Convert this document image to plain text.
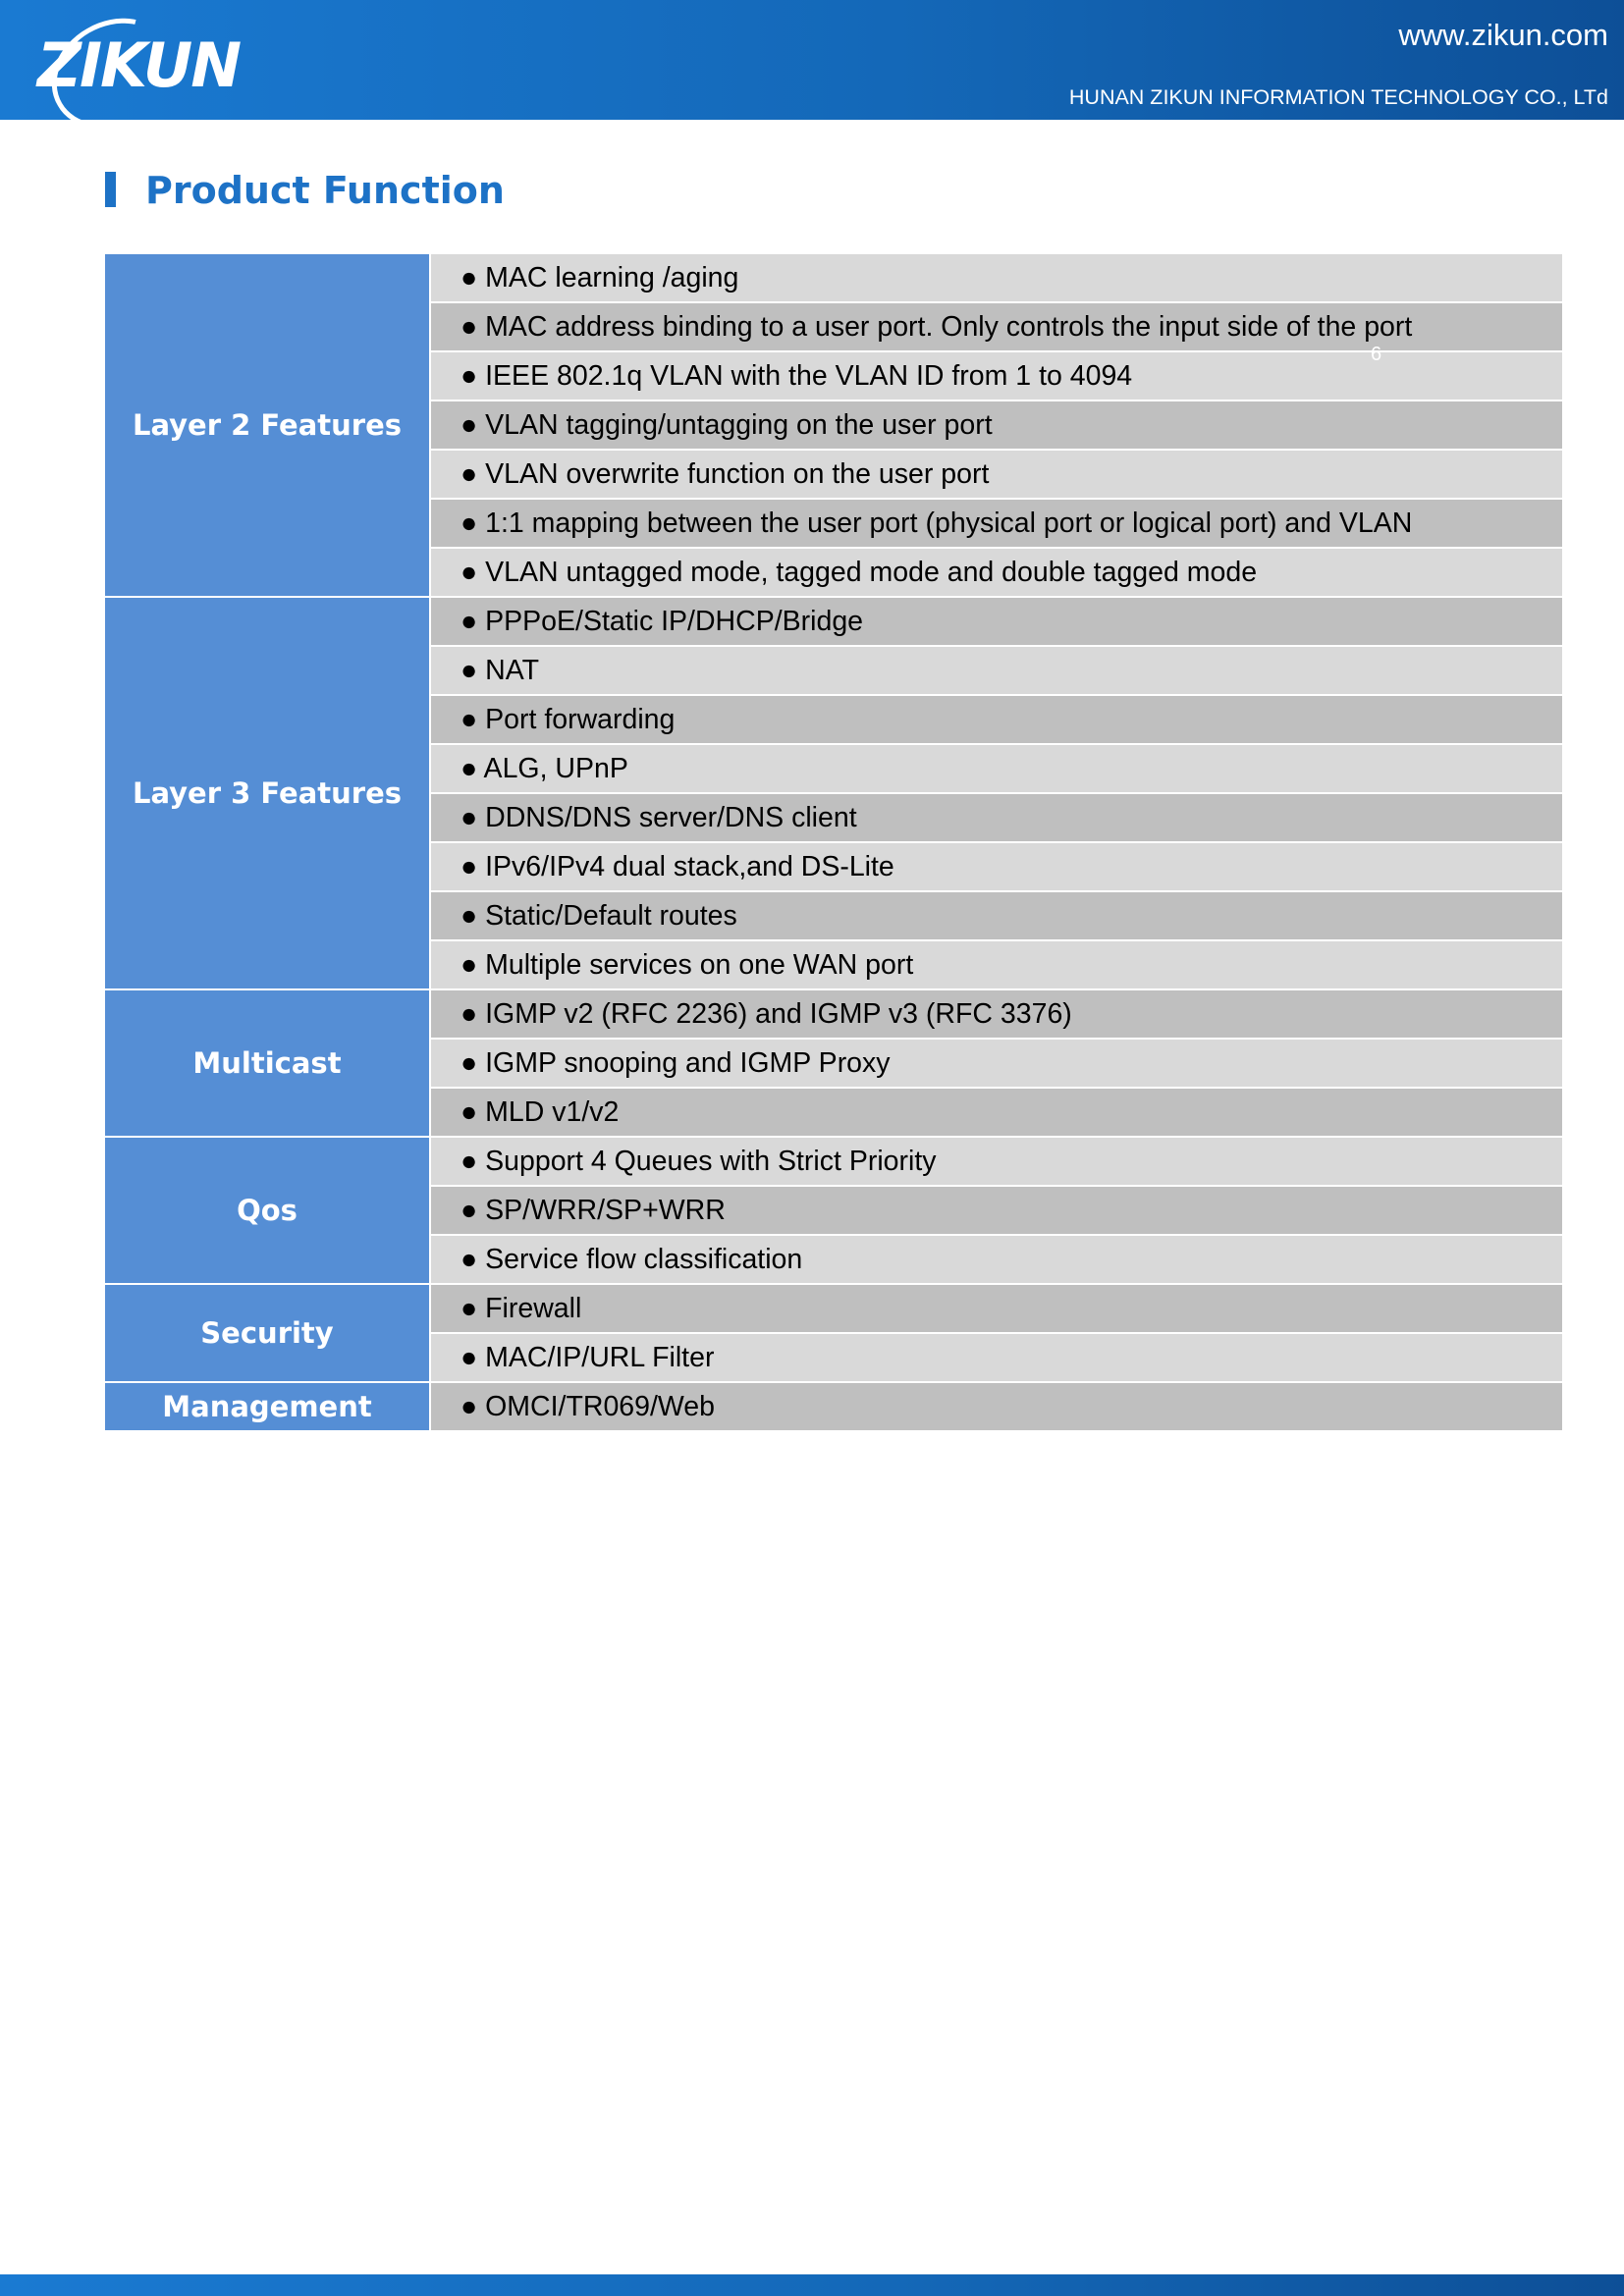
ZIKUN	www.zikun.com
HUNAN ZIKUN INFORMATION TECHNOLOGY CO., LTd
Product Function
Layer 2 Features
● MAC learning /aging
● MAC address binding to a user port. Only controls the input side of the port
● IEEE 802.1q VLAN with the VLAN ID from 1 to 4094
● VLAN tagging/untagging on the user port
● VLAN overwrite function on the user port
● 1:1 mapping between the user port (physical port or logical port) and VLAN
● VLAN untagged mode, tagged mode and double tagged mode
Layer 3 Features
● PPPoE/Static IP/DHCP/Bridge
● NAT
● Port forwarding
● ALG, UPnP
● DDNS/DNS server/DNS client
● IPv6/IPv4 dual stack,and DS-Lite
● Static/Default routes
● Multiple services on one WAN port
Multicast
● IGMP v2 (RFC 2236) and IGMP v3 (RFC 3376)
● IGMP snooping and IGMP Proxy
● MLD v1/v2
Qos
● Support 4 Queues with Strict Priority
● SP/WRR/SP+WRR
● Service flow classification
Security
● Firewall
● MAC/IP/URL Filter
Management	● OMCI/TR069/Web
6
